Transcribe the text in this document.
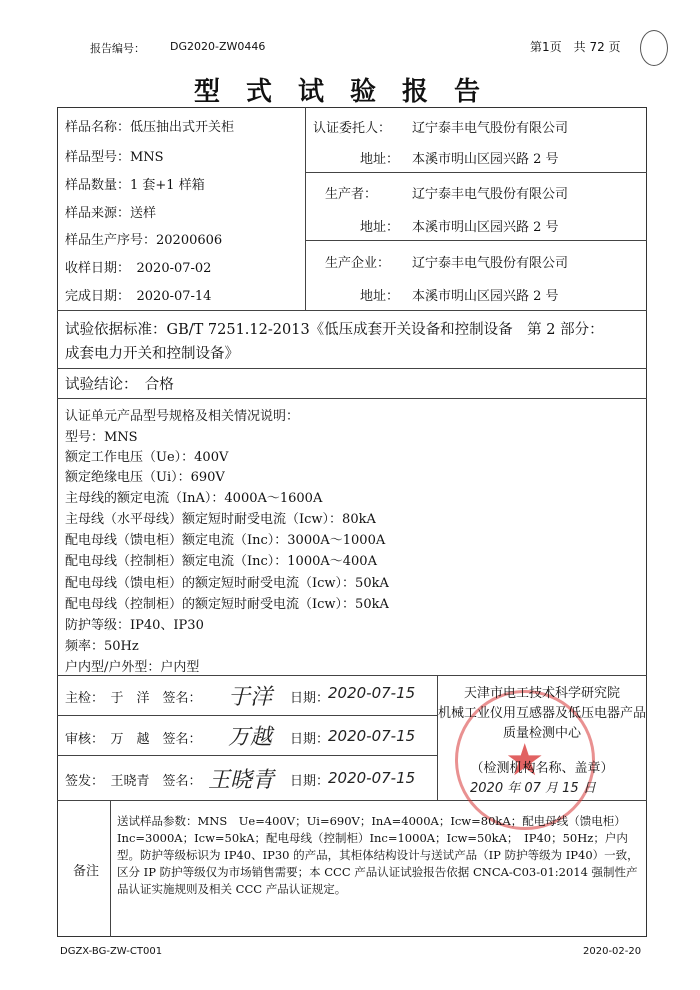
报告编号： DG2020-ZW0446	第1页　共 72 页
型式试验报告
样品名称：低压抽出式开关柜
样品型号：MNS
样品数量：1 套+1 样箱
样品来源：送样
样品生产序号：20200606
收样日期：　2020-07-02
完成日期：　2020-07-14
认证委托人： 辽宁泰丰电气股份有限公司
地址： 本溪市明山区园兴路 2 号
生产者：	辽宁泰丰电气股份有限公司
地址： 本溪市明山区园兴路 2 号
生产企业： 辽宁泰丰电气股份有限公司
地址： 本溪市明山区园兴路 2 号
试验依据标准：GB/T 7251.12-2013《低压成套开关设备和控制设备　第 2 部分：
成套电力开关和控制设备》
试验结论：　合格
认证单元产品型号规格及相关情况说明：
型号：MNS
额定工作电压（Ue）：400V
额定绝缘电压（Ui）：690V
主母线的额定电流（InA）：4000A～1600A
主母线（水平母线）额定短时耐受电流（Icw）：80kA
配电母线（馈电柜）额定电流（Inc）：3000A～1000A
配电母线（控制柜）额定电流（Inc）：1000A～400A
配电母线（馈电柜）的额定短时耐受电流（Icw）：50kA
配电母线（控制柜）的额定短时耐受电流（Icw）：50kA
防护等级：IP40、IP30
频率：50Hz
户内型/户外型：户内型
主检：　于　洋　签名： 于洋 日期：
2020-07-15
审核：　万　越　签名： 万越 日期：
2020-07-15
签发：　王晓青　签名： 王晓青 日期：
2020-07-15 ★
天津市电工技术科学研究院
机械工业仪用互感器及低压电器产品
质量检测中心
（检测机构名称、盖章）
2020 年 07 月 15 日
备注
送试样品参数：MNS　Ue=400V；Ui=690V；InA=4000A；Icw=80kA；配电母线（馈电柜）Inc=3000A；Icw=50kA；配电母线（控制柜）Inc=1000A；Icw=50kA；　IP40；50Hz；户内型。防护等级标识为 IP40、IP30 的产品，其柜体结构设计与送试产品（IP 防护等级为 IP40）一致，区分 IP 防护等级仅为市场销售需要；本 CCC 产品认证试验报告依据 CNCA-C03-01:2014 强制性产品认证实施规则及相关 CCC 产品认证规定。
DGZX-BG-ZW-CT001	2020-02-20
